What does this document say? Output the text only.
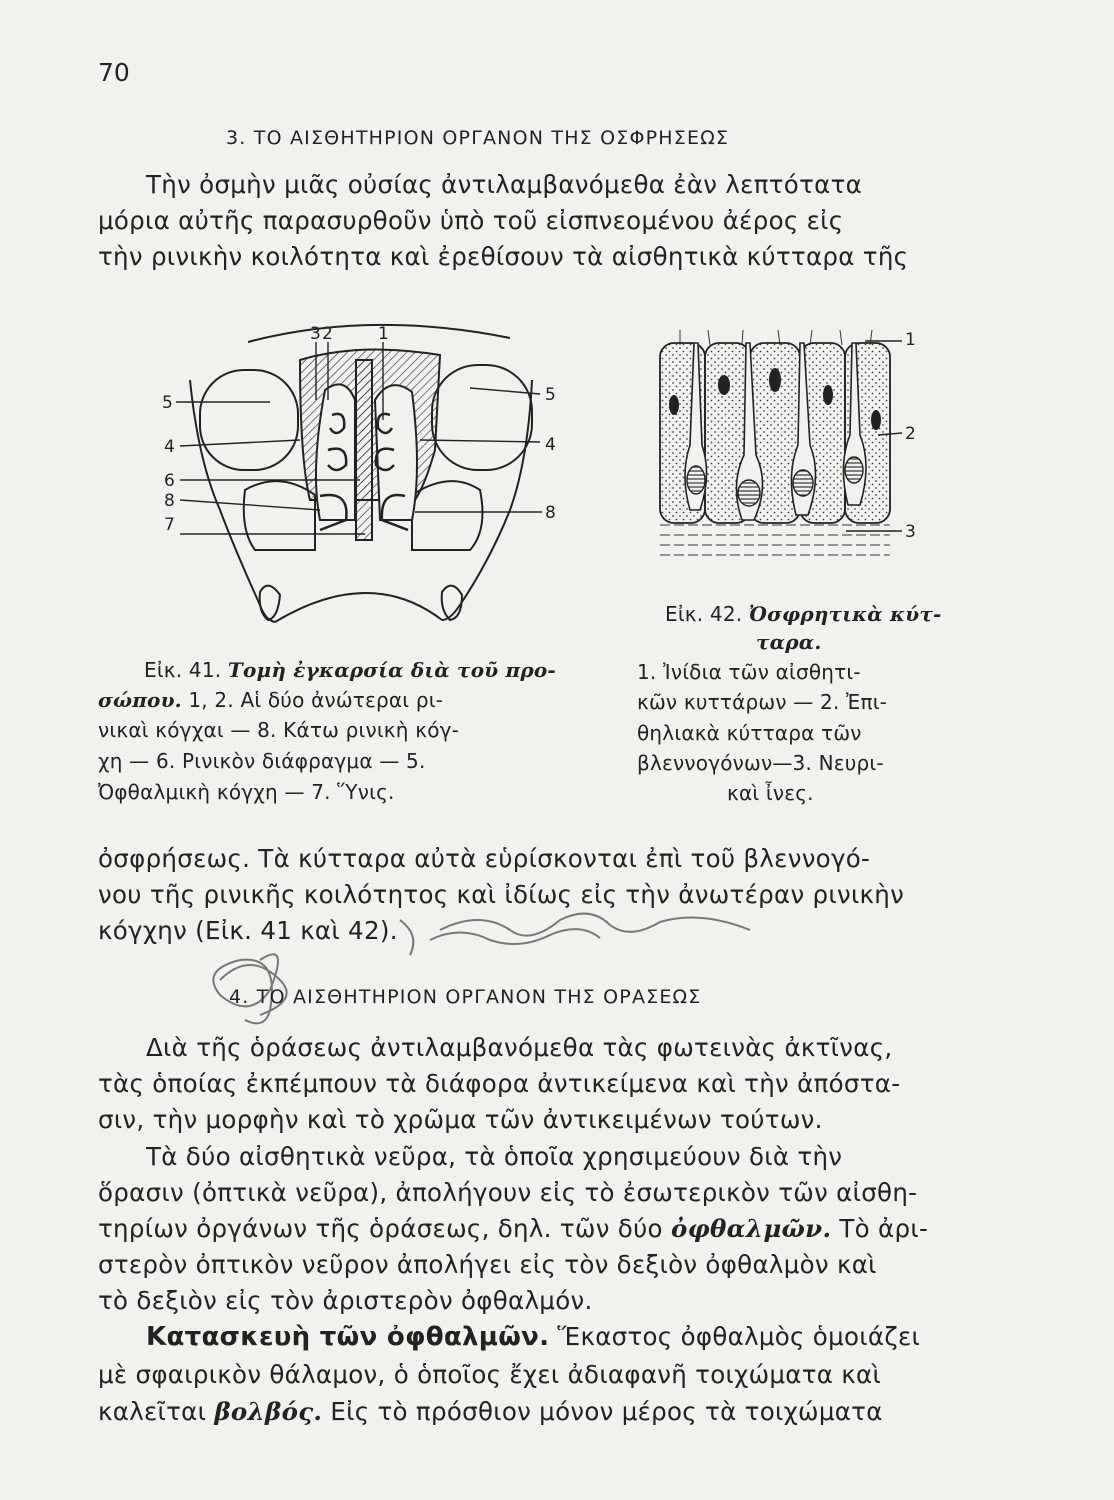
70
3. ΤΟ ΑΙΣΘΗΤΗΡΙΟΝ ΟΡΓΑΝΟΝ ΤΗΣ ΟΣΦΡΗΣΕΩΣ
Τὴν ὀσμὴν μιᾶς οὐσίας ἀντιλαμβανόμεθα ἐὰν λεπτότατα
μόρια αὐτῆς παρασυρθοῦν ὑπὸ τοῦ εἰσπνεομένου ἀέρος εἰς
τὴν ρινικὴν κοιλότητα καὶ ἐρεθίσουν τὰ αἰσθητικὰ κύτταρα τῆς
3 2	1
5
4
6
8
7
5
4
8
1
2
3
Εἰκ. 41. Τομὴ ἐγκαρσία διὰ τοῦ προ-
σώπου. 1, 2. Αἱ δύο ἀνώτεραι ρι-
νικαὶ κόγχαι — 8. Κάτω ρινικὴ κόγ-
χη — 6. Ρινικὸν διάφραγμα — 5.
Ὀφθαλμικὴ κόγχη — 7. Ὕνις.
Εἰκ. 42. Ὀσφρητικὰ κύτ-
ταρα.
1. Ἰνίδια τῶν αἰσθητι-
κῶν κυττάρων — 2. Ἐπι-
θηλιακὰ κύτταρα τῶν
βλεννογόνων—3. Νευρι-
καὶ ἶνες.
ὀσφρήσεως. Τὰ κύτταρα αὐτὰ εὑρίσκονται ἐπὶ τοῦ βλεννογό-
νου τῆς ρινικῆς κοιλότητος καὶ ἰδίως εἰς τὴν ἀνωτέραν ρινικὴν
κόγχην (Εἰκ. 41 καὶ 42).
4. ΤΟ ΑΙΣΘΗΤΗΡΙΟΝ ΟΡΓΑΝΟΝ ΤΗΣ ΟΡΑΣΕΩΣ
Διὰ τῆς ὁράσεως ἀντιλαμβανόμεθα τὰς φωτεινὰς ἀκτῖνας,
τὰς ὁποίας ἐκπέμπουν τὰ διάφορα ἀντικείμενα καὶ τὴν ἀπόστα-
σιν, τὴν μορφὴν καὶ τὸ χρῶμα τῶν ἀντικειμένων τούτων.
Τὰ δύο αἰσθητικὰ νεῦρα, τὰ ὁποῖα χρησιμεύουν διὰ τὴν
ὅρασιν (ὀπτικὰ νεῦρα), ἀπολήγουν εἰς τὸ ἐσωτερικὸν τῶν αἰσθη-
τηρίων ὀργάνων τῆς ὁράσεως, δηλ. τῶν δύο ὀφθαλμῶν. Τὸ ἀρι-
στερὸν ὀπτικὸν νεῦρον ἀπολήγει εἰς τὸν δεξιὸν ὀφθαλμὸν καὶ
τὸ δεξιὸν εἰς τὸν ἀριστερὸν ὀφθαλμόν.
Κατασκευὴ τῶν ὀφθαλμῶν. Ἕκαστος ὀφθαλμὸς ὁμοιάζει
μὲ σφαιρικὸν θάλαμον, ὁ ὁποῖος ἔχει ἀδιαφανῆ τοιχώματα καὶ
καλεῖται βολβός. Εἰς τὸ πρόσθιον μόνον μέρος τὰ τοιχώματα
